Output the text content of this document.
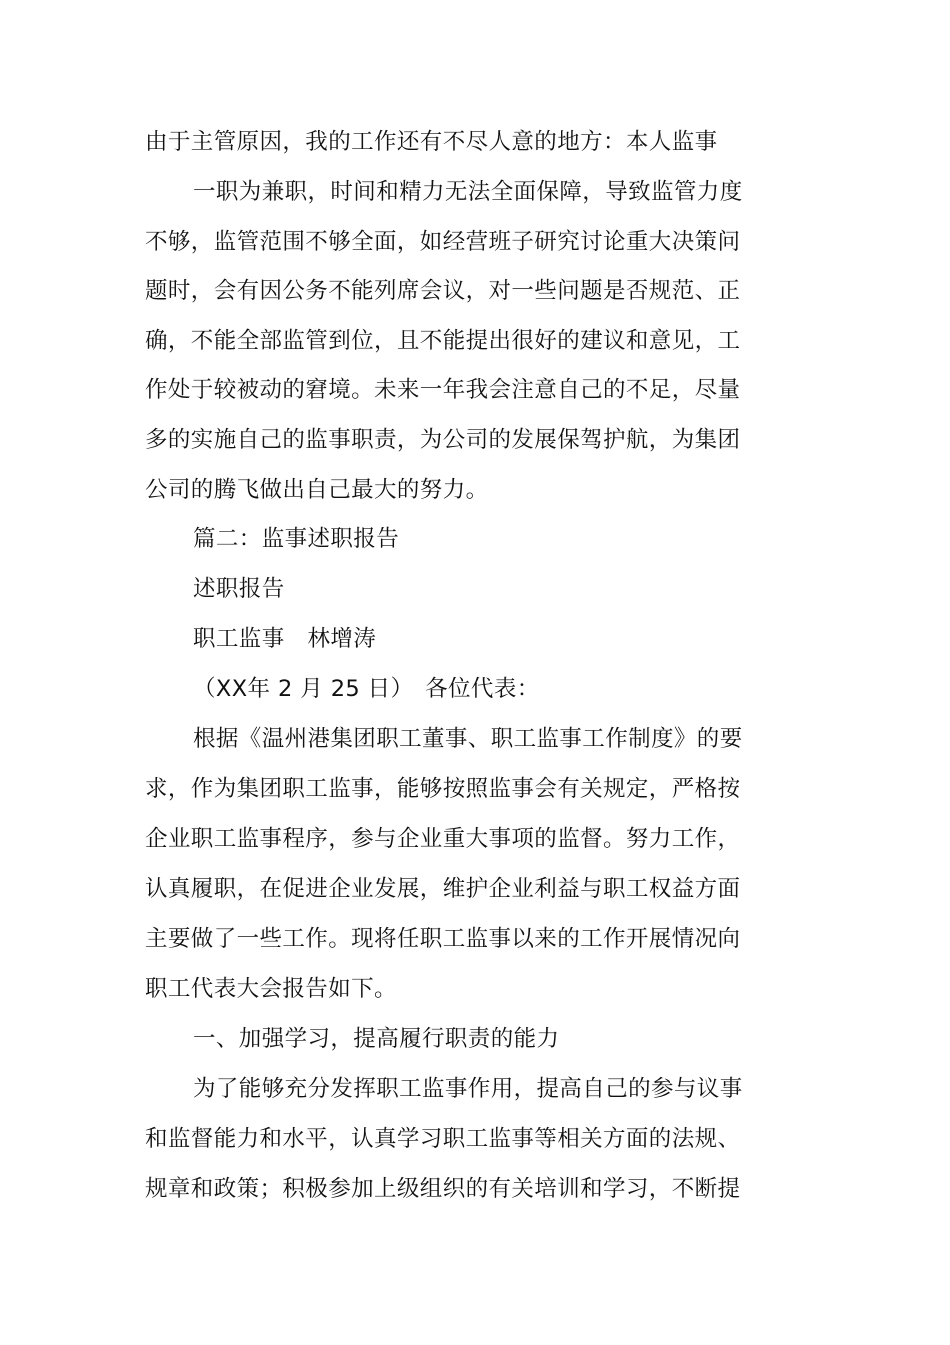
由于主管原因，我的工作还有不尽人意的地方：本人监事
一职为兼职，时间和精力无法全面保障，导致监管力度
不够，监管范围不够全面，如经营班子研究讨论重大决策问
题时，会有因公务不能列席会议，对一些问题是否规范、正
确，不能全部监管到位，且不能提出很好的建议和意见，工
作处于较被动的窘境。未来一年我会注意自己的不足，尽量
多的实施自己的监事职责，为公司的发展保驾护航，为集团
公司的腾飞做出自己最大的努力。
篇二：监事述职报告
述职报告
职工监事　林增涛
（XX年 2 月 25 日）　各位代表：
根据《温州港集团职工董事、职工监事工作制度》的要
求，作为集团职工监事，能够按照监事会有关规定，严格按
企业职工监事程序，参与企业重大事项的监督。努力工作，
认真履职，在促进企业发展，维护企业利益与职工权益方面
主要做了一些工作。现将任职工监事以来的工作开展情况向
职工代表大会报告如下。
一、加强学习，提高履行职责的能力
为了能够充分发挥职工监事作用，提高自己的参与议事
和监督能力和水平，认真学习职工监事等相关方面的法规、
规章和政策；积极参加上级组织的有关培训和学习，不断提
